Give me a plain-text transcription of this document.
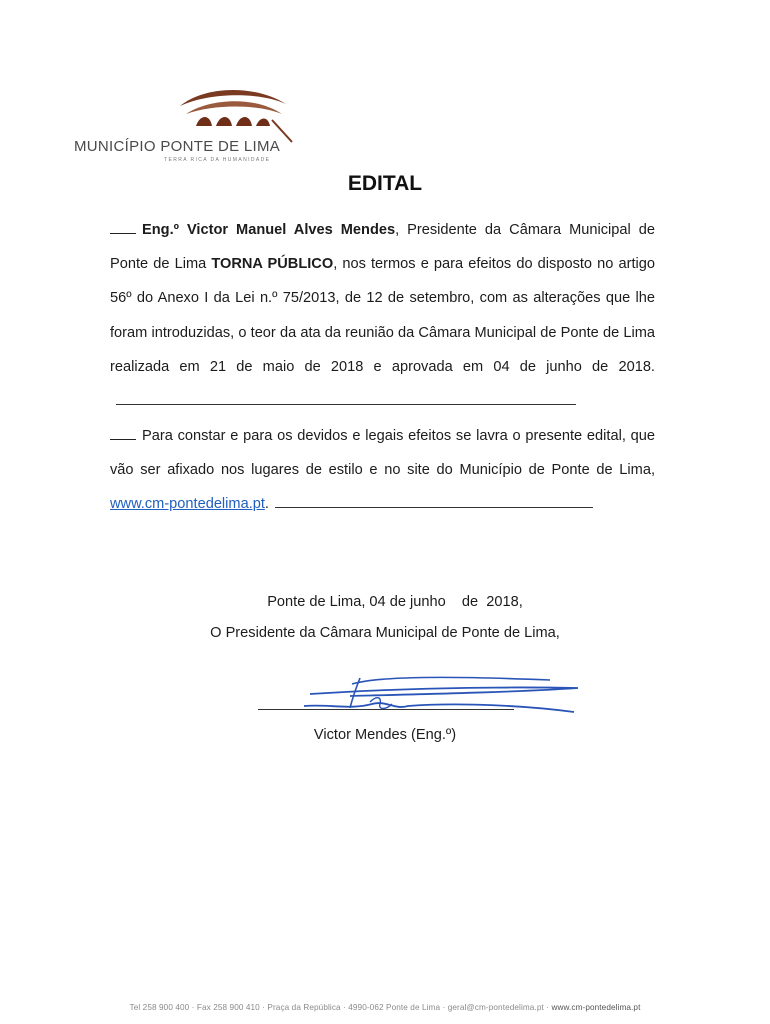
MUNICÍPIO PONTE DE LIMA
TERRA RICA DA HUMANIDADE
EDITAL
Eng.º Victor Manuel Alves Mendes, Presidente da Câmara Municipal de Ponte de Lima TORNA PÚBLICO, nos termos e para efeitos do disposto no artigo 56º do Anexo I da Lei n.º 75/2013, de 12 de setembro, com as alterações que lhe foram introduzidas, o teor da ata da reunião da Câmara Municipal de Ponte de Lima realizada em 21 de maio de 2018 e aprovada em 04 de junho de 2018.
Para constar e para os devidos e legais efeitos se lavra o presente edital, que vão ser afixado nos lugares de estilo e no site do Município de Ponte de Lima, www.cm-pontedelima.pt.
Ponte de Lima, 04 de junho    de  2018,
O Presidente da Câmara Municipal de Ponte de Lima,
Victor Mendes (Eng.º)
Tel 258 900 400 · Fax 258 900 410 · Praça da República · 4990-062 Ponte de Lima · geral@cm-pontedelima.pt · www.cm-pontedelima.pt
